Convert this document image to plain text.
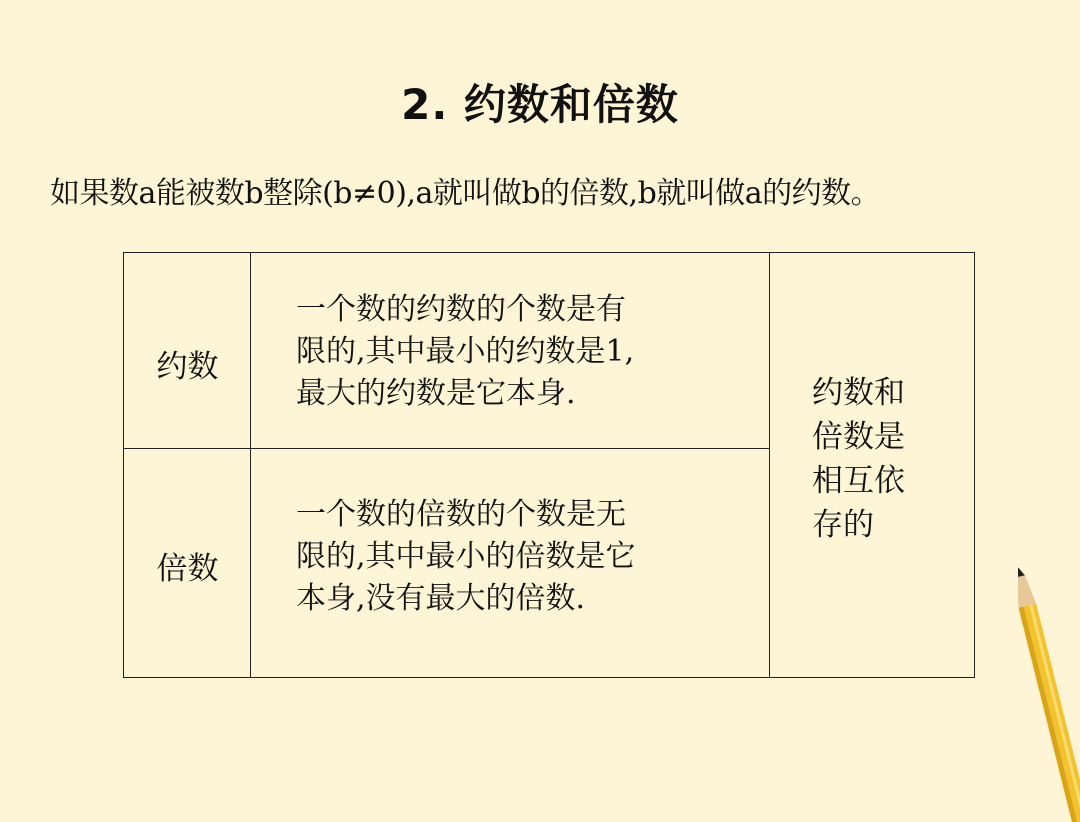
2. 约数和倍数
如果数a能被数b整除(b≠0),a就叫做b的倍数,b就叫做a的约数。
约数
一个数的约数的个数是有
限的,其中最小的约数是1,
最大的约数是它本身.
倍数
一个数的倍数的个数是无
限的,其中最小的倍数是它
本身,没有最大的倍数.
约数和
倍数是
相互依
存的
